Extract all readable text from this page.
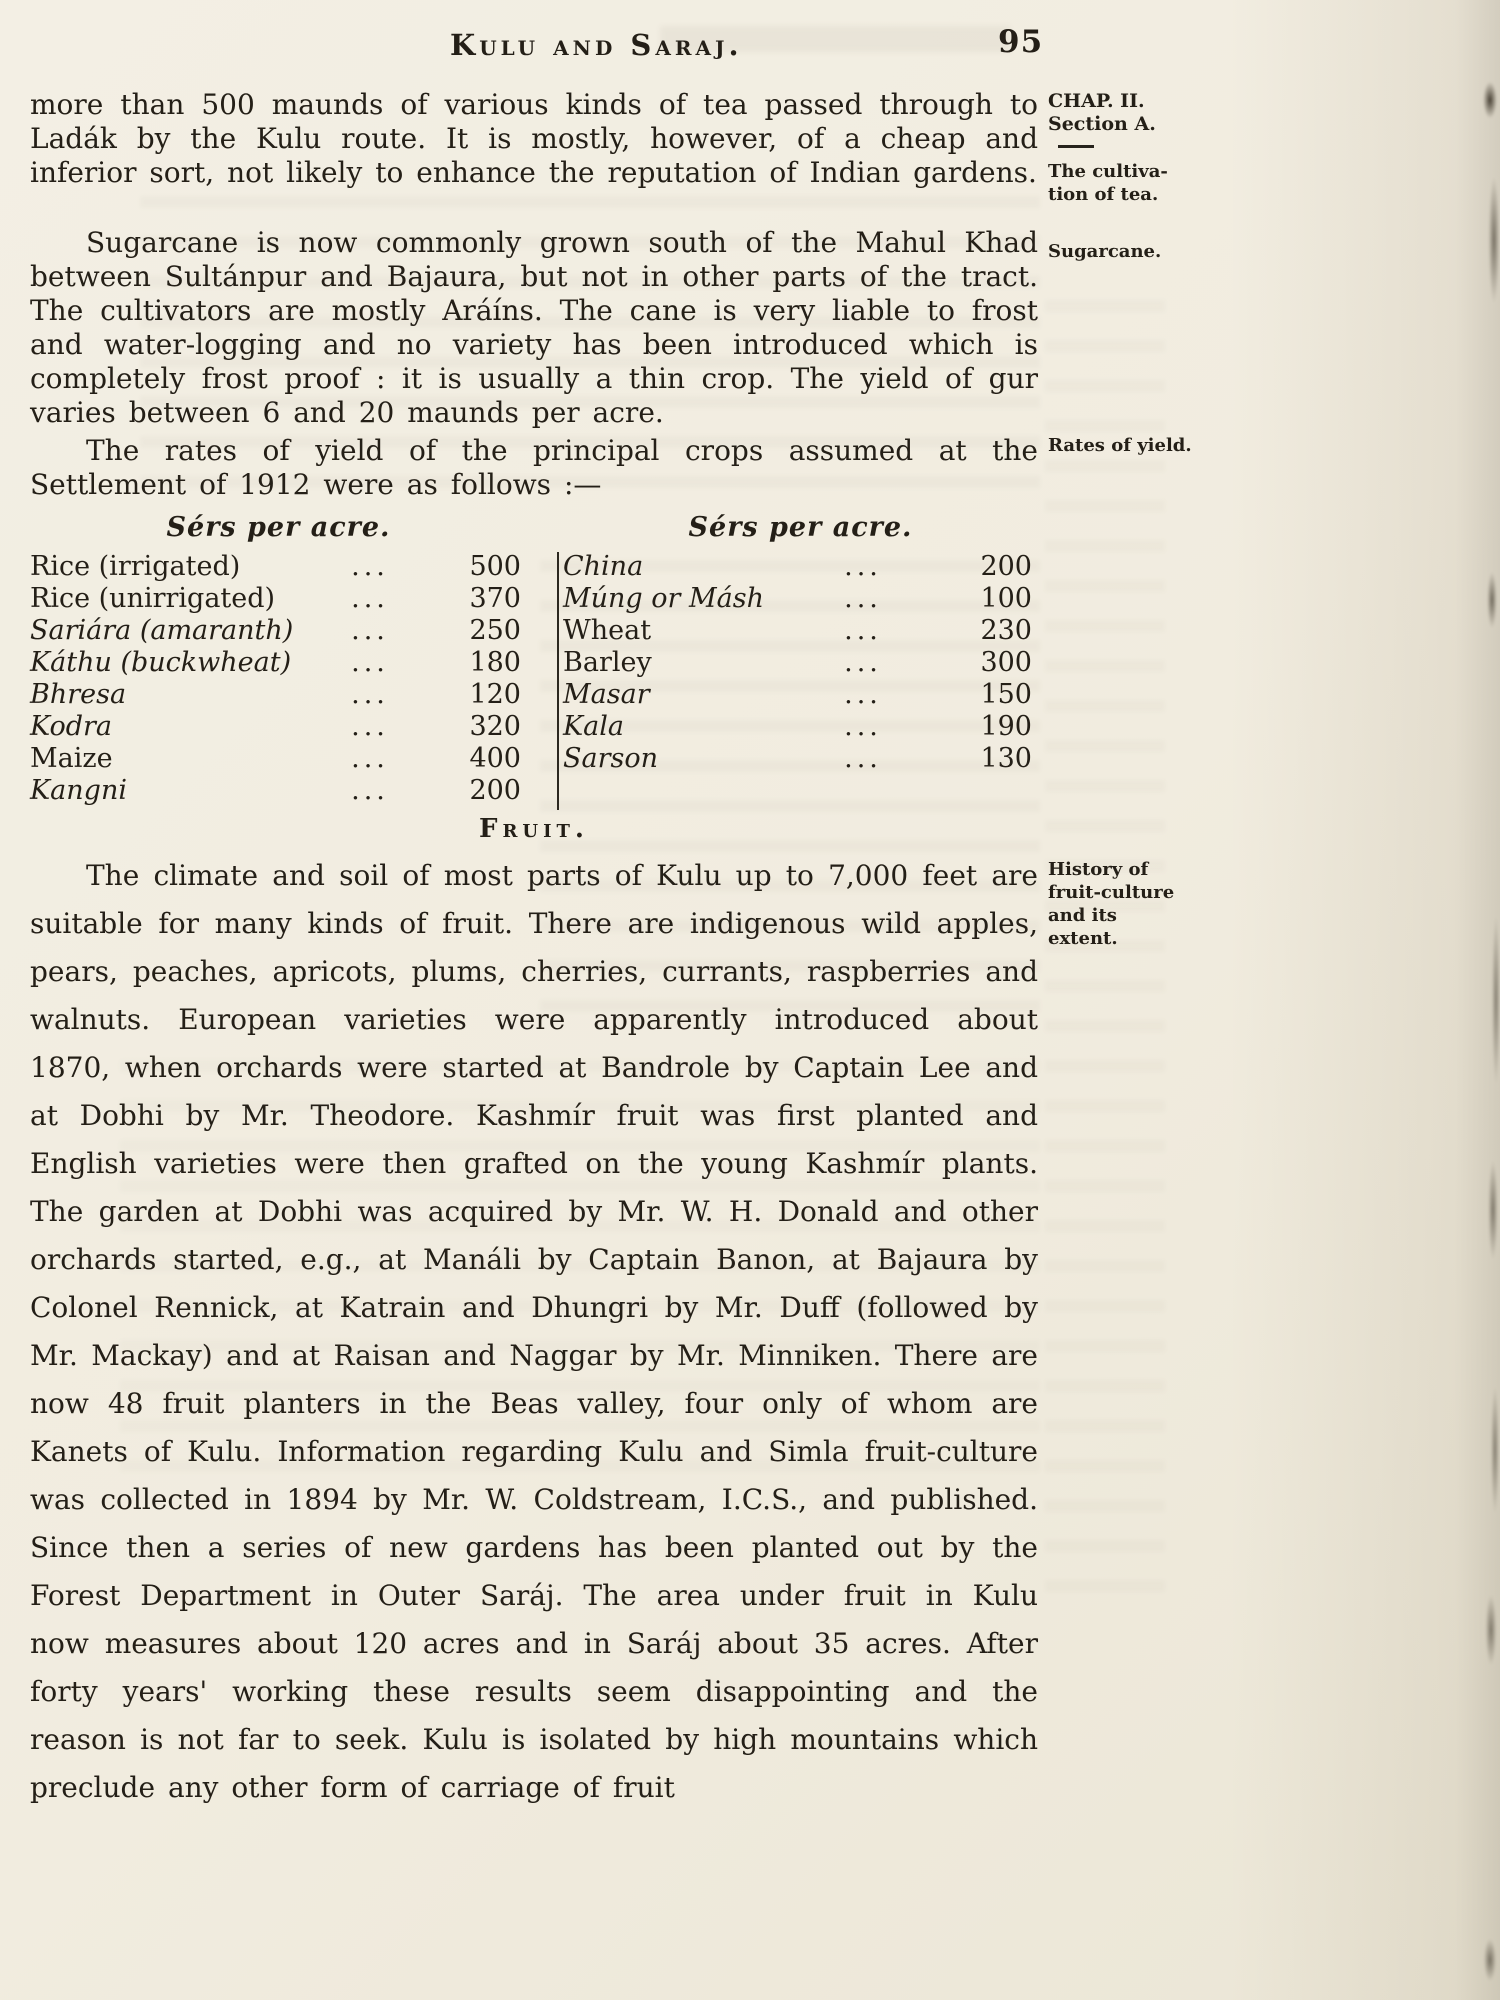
Kulu and Saraj.	95
more than 500 maunds of various kinds of tea passed through to Ladák by the Kulu route. It is mostly, however, of a cheap and inferior sort, not likely to enhance the reputation of Indian gardens.
Sugarcane is now commonly grown south of the Mahul Khad between Sultánpur and Bajaura, but not in other parts of the tract. The cultivators are mostly Aráíns. The cane is very liable to frost and water-logging and no variety has been introduced which is completely frost proof : it is usually a thin crop. The yield of gur varies between 6 and 20 maunds per acre.
The rates of yield of the principal crops assumed at the Settlement of 1912 were as follows :—
Sérs per acre.
Rice (irrigated)	...	500
Rice (unirrigated)	...	370
Sariára (amaranth)	...	250
Káthu (buckwheat)	...	180
Bhresa	...	120
Kodra	...	320
Maize	...	400
Kangni	...	200
Sérs per acre.
China	...	200
Múng or Másh	...	100
Wheat	...	230
Barley	...	300
Masar	...	150
Kala	...	190
Sarson	...	130
Fruit.
The climate and soil of most parts of Kulu up to 7,000 feet are suitable for many kinds of fruit. There are indigenous wild apples, pears, peaches, apricots, plums, cherries, currants, raspberries and walnuts. European varieties were apparently introduced about 1870, when orchards were started at Bandrole by Captain Lee and at Dobhi by Mr. Theodore. Kashmír fruit was first planted and English varieties were then grafted on the young Kashmír plants. The garden at Dobhi was acquired by Mr. W. H. Donald and other orchards started, e.g., at Manáli by Captain Banon, at Bajaura by Colonel Rennick, at Katrain and Dhungri by Mr. Duff (followed by Mr. Mackay) and at Raisan and Naggar by Mr. Minniken. There are now 48 fruit planters in the Beas valley, four only of whom are Kanets of Kulu. Information regarding Kulu and Simla fruit-culture was collected in 1894 by Mr. W. Coldstream, I.C.S., and published. Since then a series of new gardens has been planted out by the Forest Department in Outer Saráj. The area under fruit in Kulu now measures about 120 acres and in Saráj about 35 acres. After forty years' working these results seem disappointing and the reason is not far to seek. Kulu is isolated by high mountains which preclude any other form of carriage of fruit
CHAP. II.
Section A.
The cultiva-tion of tea.
Sugarcane.
Rates of yield.
History of fruit-culture and its extent.
